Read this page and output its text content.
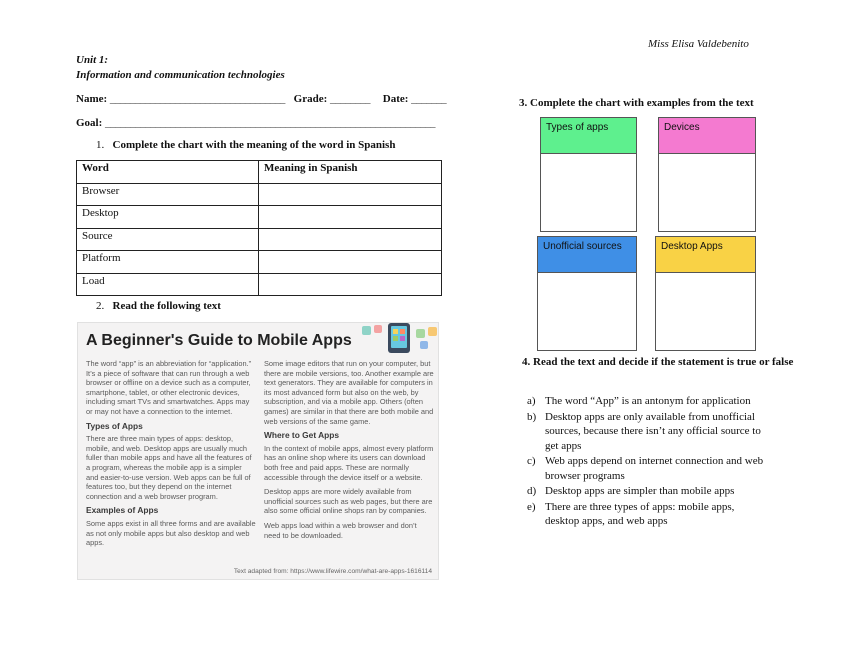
Miss Elisa Valdebenito
Unit 1:
Information and communication technologies
Name: ___________________________________ Grade: ________ Date: _______
Goal: __________________________________________________________________
1. Complete the chart with the meaning of the word in Spanish
Word	Meaning in Spanish
Browser	
Desktop	
Source	
Platform	
Load	
2. Read the following text
A Beginner's Guide to Mobile Apps

The word “app” is an abbreviation for “application.” It’s a piece of software that can run through a web browser or offline on a device such as a computer, smartphone, tablet, or other electronic devices, including smart TVs and smartwatches. Apps may or may not have a connection to the internet.

Types of Apps

There are three main types of apps: desktop, mobile, and web. Desktop apps are usually much fuller than mobile apps and have all the features of a program, whereas the mobile app is a simpler and easier-to-use version. Web apps can be full of features too, but they depend on the internet connection and a web browser program.

Examples of Apps

Some apps exist in all three forms and are available as not only mobile apps but also desktop and web apps.

Some image editors that run on your computer, but there are mobile versions, too. Another example are text generators. They are available for computers in its most advanced form but also on the web, by subscription, and via a mobile app. Others (often games) are similar in that there are both mobile and web versions of the same game.

Where to Get Apps

In the context of mobile apps, almost every platform has an online shop where its users can download both free and paid apps. These are normally accessible through the device itself or a website.

Desktop apps are more widely available from unofficial sources such as web pages, but there are also some official online shops ran by companies.

Web apps load within a web browser and don’t need to be downloaded.

Text adapted from: https://www.lifewire.com/what-are-apps-1616114
3. Complete the chart with examples from the text
Types of apps	Devices
Unofficial sources	Desktop Apps
4. Read the text and decide if the statement is true or false
a) The word “App” is an antonym for application
b) Desktop apps are only available from unofficial sources, because there isn’t any official source to get apps
c) Web apps depend on internet connection and web browser programs
d) Desktop apps are simpler than mobile apps
e) There are three types of apps: mobile apps, desktop apps, and web apps
